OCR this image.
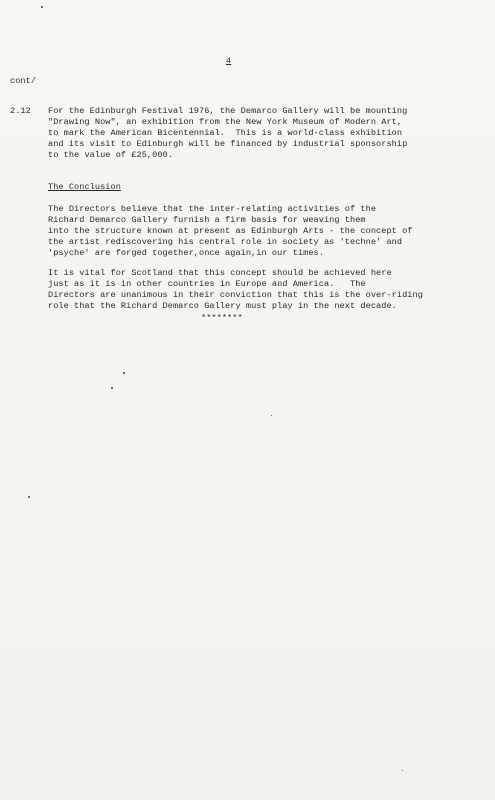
4
cont/
2.12 For the Edinburgh Festival 1976, the Demarco Gallery will be mounting
"Drawing Now", an exhibition from the New York Museum of Modern Art,
to mark the American Bicentennial.  This is a world-class exhibition
and its visit to Edinburgh will be financed by industrial sponsorship
to the value of £25,000.
The Conclusion
The Directors believe that the inter-relating activities of the
Richard Demarco Gallery furnish a firm basis for weaving them
into the structure known at present as Edinburgh Arts - the concept of
the artist rediscovering his central role in society as 'techne' and
'psyche' are forged together,once again,in our times.
It is vital for Scotland that this concept should be achieved here
just as it is in other countries in Europe and America.   The
Directors are unanimous in their conviction that this is the over-riding
role that the Richard Demarco Gallery must play in the next decade.
********
